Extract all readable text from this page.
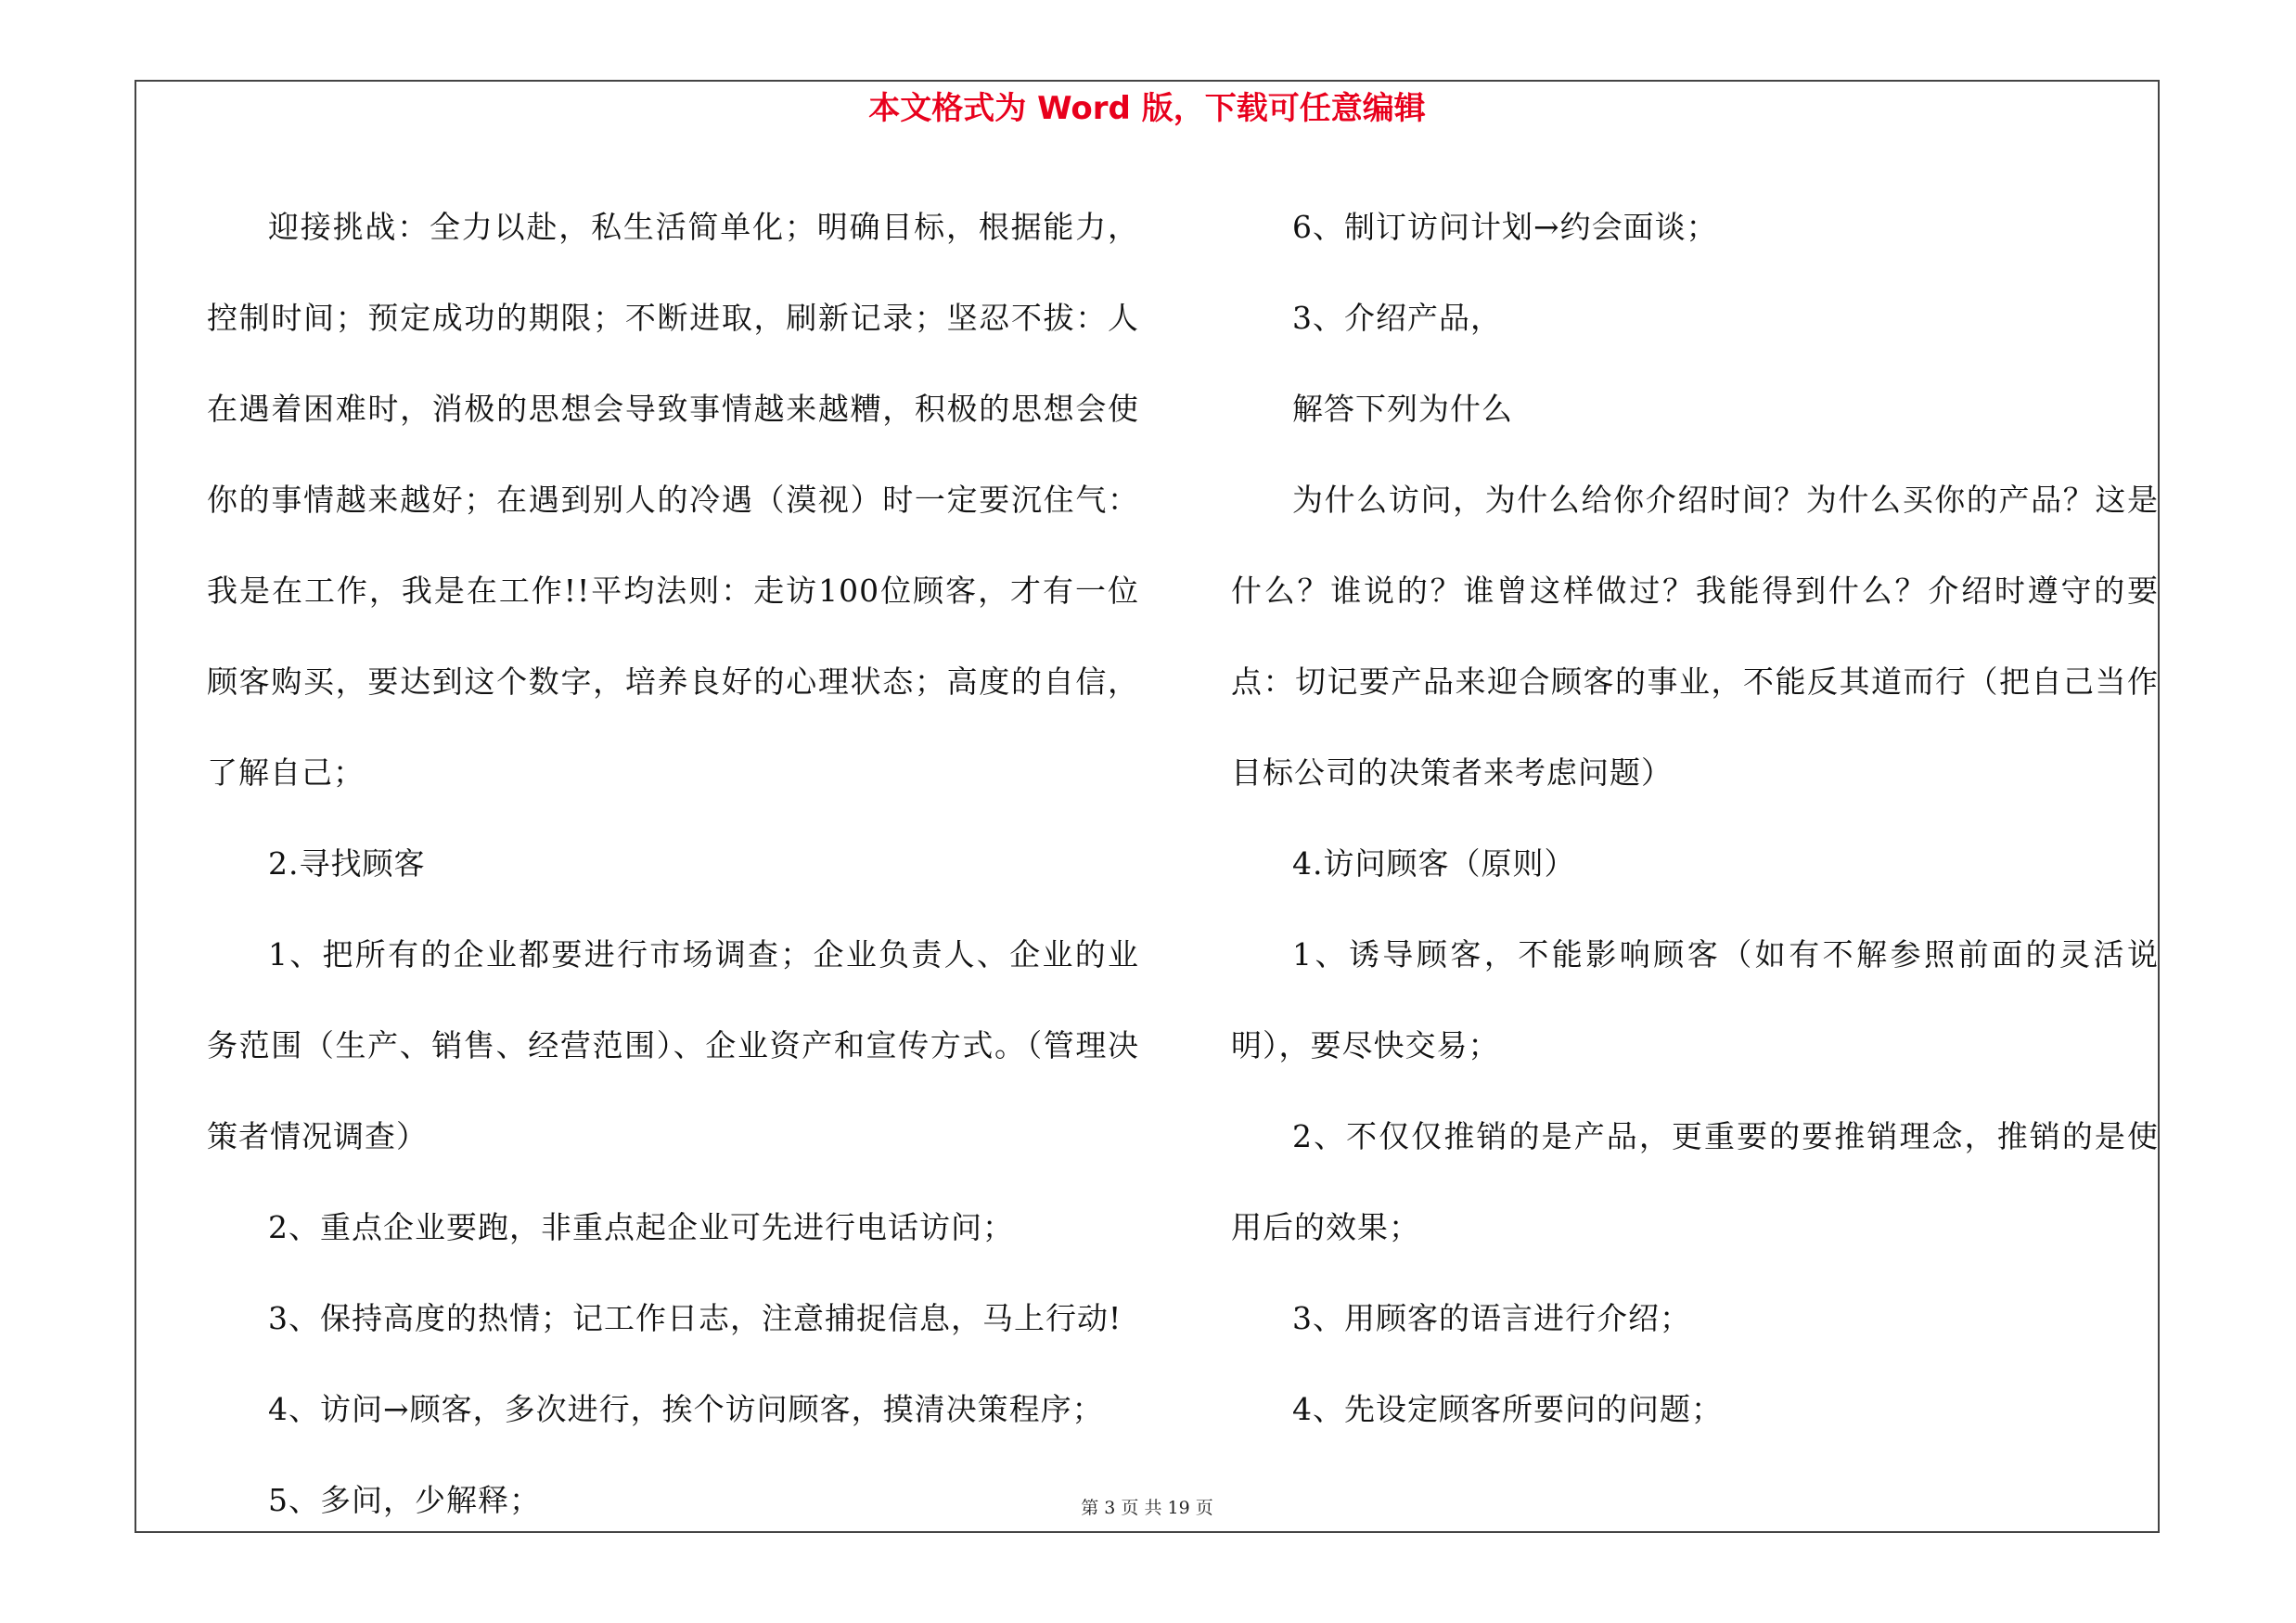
本文格式为 Word 版，下载可任意编辑

迎接挑战：全力以赴，私生活简单化；明确目标，根据能力，控制时间；预定成功的期限；不断进取，刷新记录；坚忍不拔：人在遇着困难时，消极的思想会导致事情越来越糟，积极的思想会使你的事情越来越好；在遇到别人的冷遇（漠视）时一定要沉住气：我是在工作，我是在工作!!平均法则：走访100位顾客，才有一位顾客购买，要达到这个数字，培养良好的心理状态；高度的自信，了解自己；

2.寻找顾客

1、把所有的企业都要进行市场调查；企业负责人、企业的业务范围（生产、销售、经营范围）、企业资产和宣传方式。（管理决策者情况调查）

2、重点企业要跑，非重点起企业可先进行电话访问；

3、保持高度的热情；记工作日志，注意捕捉信息，马上行动!

4、访问→顾客，多次进行，挨个访问顾客，摸清决策程序；

5、多问，少解释；

6、制订访问计划→约会面谈；

3、介绍产品，

解答下列为什么

为什么访问，为什么给你介绍时间？为什么买你的产品？这是什么？谁说的？谁曾这样做过？我能得到什么？介绍时遵守的要点：切记要产品来迎合顾客的事业，不能反其道而行（把自己当作目标公司的决策者来考虑问题）

4.访问顾客（原则）

1、诱导顾客，不能影响顾客（如有不解参照前面的灵活说明），要尽快交易；

2、不仅仅推销的是产品，更重要的要推销理念，推销的是使用后的效果；

3、用顾客的语言进行介绍；

4、先设定顾客所要问的问题；

第 3 页 共 19 页
